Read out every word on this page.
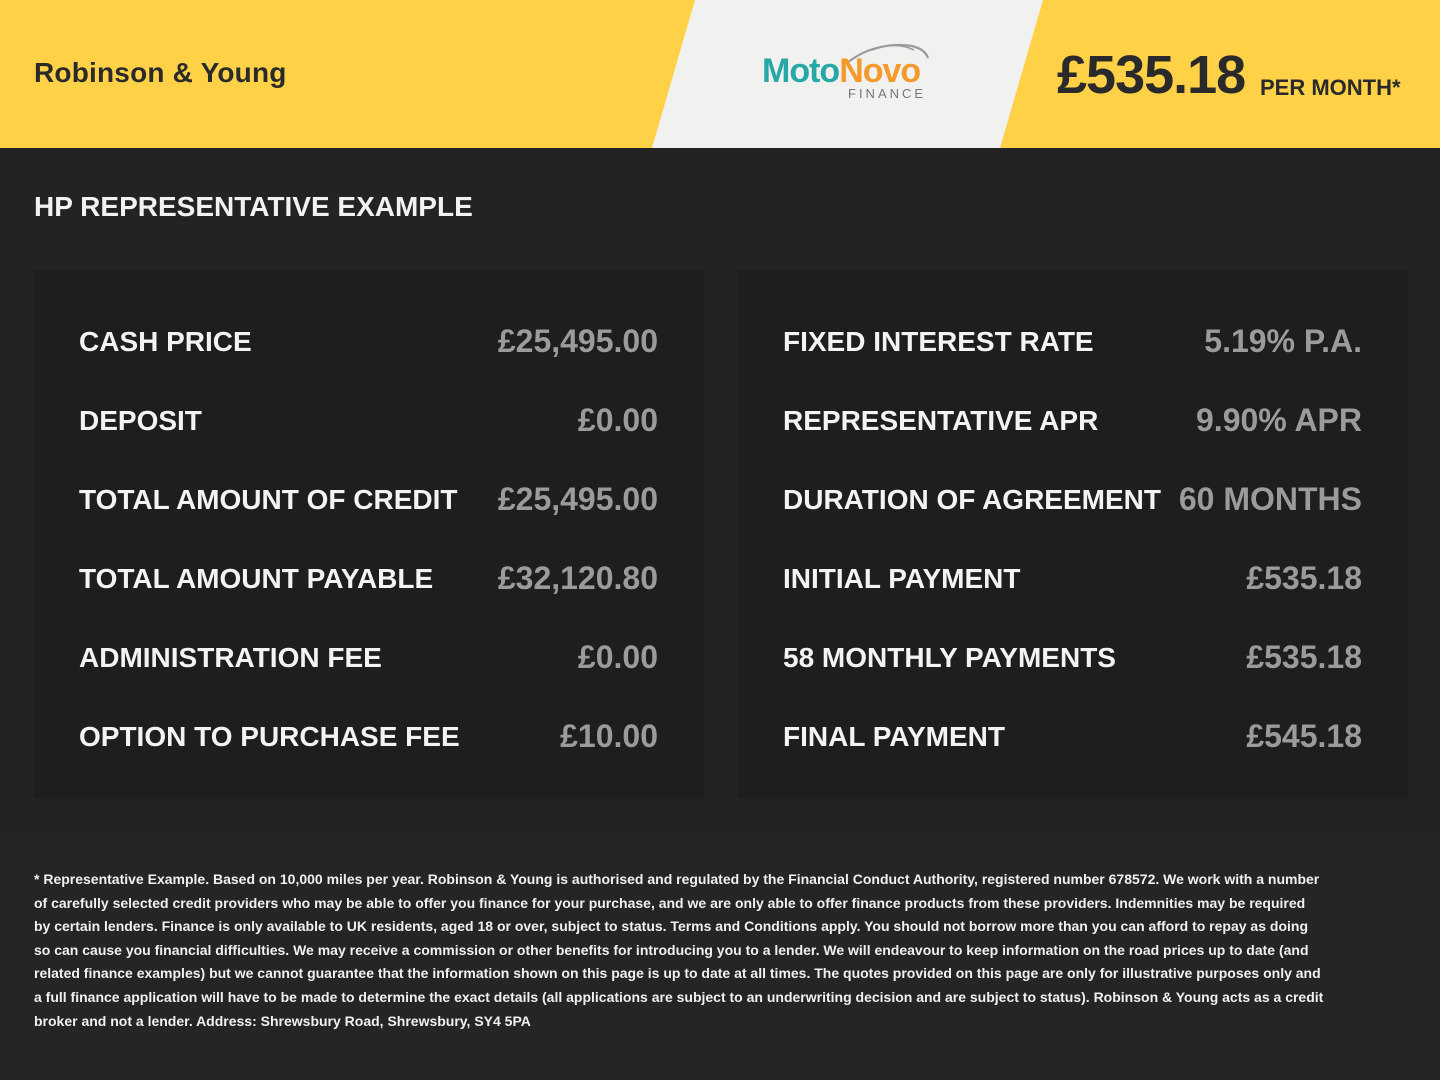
Robinson & Young	MotoNovo
FINANCE £535.18 PER MONTH*
HP REPRESENTATIVE EXAMPLE
CASH PRICE	£25,495.00
DEPOSIT	£0.00
TOTAL AMOUNT OF CREDIT £25,495.00
TOTAL AMOUNT PAYABLE £32,120.80
ADMINISTRATION FEE	£0.00
OPTION TO PURCHASE FEE	£10.00
FIXED INTEREST RATE	5.19% P.A.
REPRESENTATIVE APR	9.90% APR
DURATION OF AGREEMENT 60 MONTHS
INITIAL PAYMENT	£535.18
58 MONTHLY PAYMENTS	£535.18
FINAL PAYMENT	£545.18
* Representative Example. Based on 10,000 miles per year. Robinson & Young is authorised and regulated by the Financial Conduct Authority, registered number 678572. We work with a number of carefully selected credit providers who may be able to offer you finance for your purchase, and we are only able to offer finance products from these providers. Indemnities may be required by certain lenders. Finance is only available to UK residents, aged 18 or over, subject to status. Terms and Conditions apply. You should not borrow more than you can afford to repay as doing so can cause you financial difficulties. We may receive a commission or other benefits for introducing you to a lender. We will endeavour to keep information on the road prices up to date (and related finance examples) but we cannot guarantee that the information shown on this page is up to date at all times. The quotes provided on this page are only for illustrative purposes only and a full finance application will have to be made to determine the exact details (all applications are subject to an underwriting decision and are subject to status). Robinson & Young acts as a credit broker and not a lender. Address: Shrewsbury Road, Shrewsbury, SY4 5PA
